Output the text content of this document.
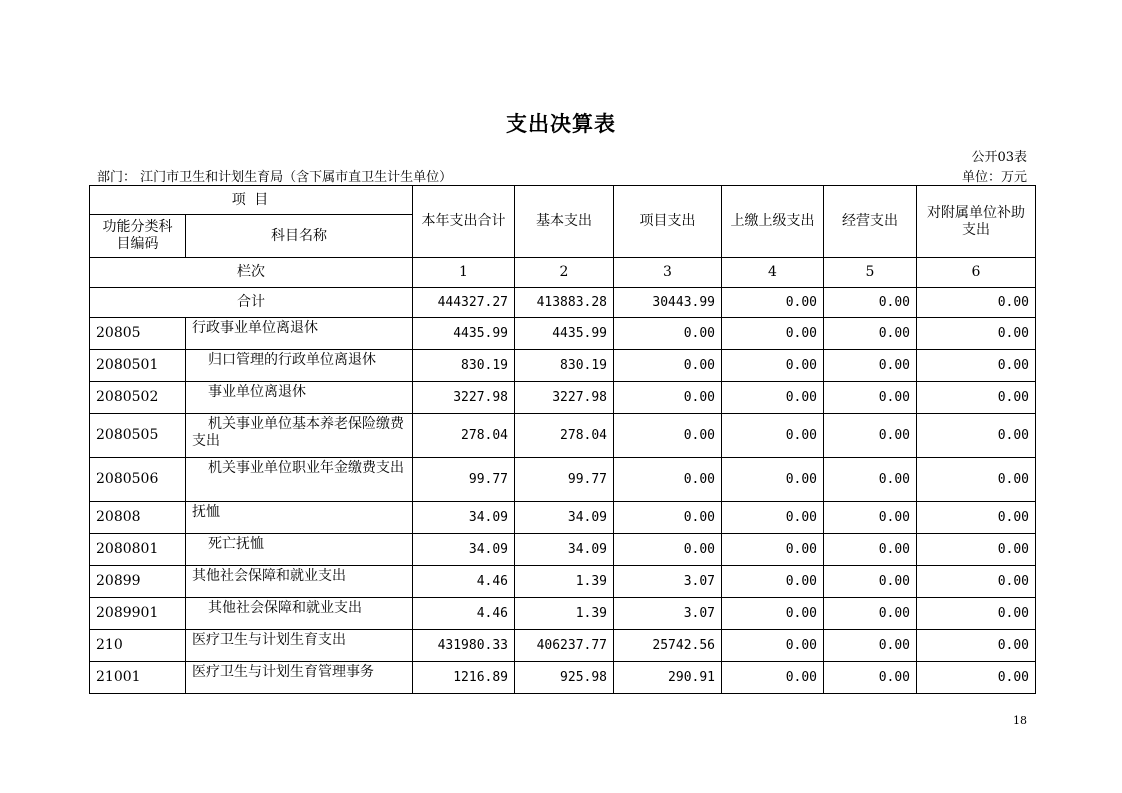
支出决算表
公开03表
部门： 江门市卫生和计划生育局（含下属市直卫生计生单位）	单位：万元
项 目		本年支出合计	基本支出	项目支出	上缴上级支出	经营支出	对附属单位补助支出
功能分类科目编码	科目名称						
栏次		1	2	3	4	5	6
合计		444327.27	413883.28	30443.99	0.00	0.00	0.00
20805	行政事业单位离退休	4435.99	4435.99	0.00	0.00	0.00	0.00
2080501	归口管理的行政单位离退休	830.19	830.19	0.00	0.00	0.00	0.00
2080502	事业单位离退休	3227.98	3227.98	0.00	0.00	0.00	0.00
2080505	机关事业单位基本养老保险缴费支出	278.04	278.04	0.00	0.00	0.00	0.00
2080506	机关事业单位职业年金缴费支出	99.77	99.77	0.00	0.00	0.00	0.00
20808	抚恤	34.09	34.09	0.00	0.00	0.00	0.00
2080801	死亡抚恤	34.09	34.09	0.00	0.00	0.00	0.00
20899	其他社会保障和就业支出	4.46	1.39	3.07	0.00	0.00	0.00
2089901	其他社会保障和就业支出	4.46	1.39	3.07	0.00	0.00	0.00
210	医疗卫生与计划生育支出	431980.33	406237.77	25742.56	0.00	0.00	0.00
21001	医疗卫生与计划生育管理事务	1216.89	925.98	290.91	0.00	0.00	0.00
18
